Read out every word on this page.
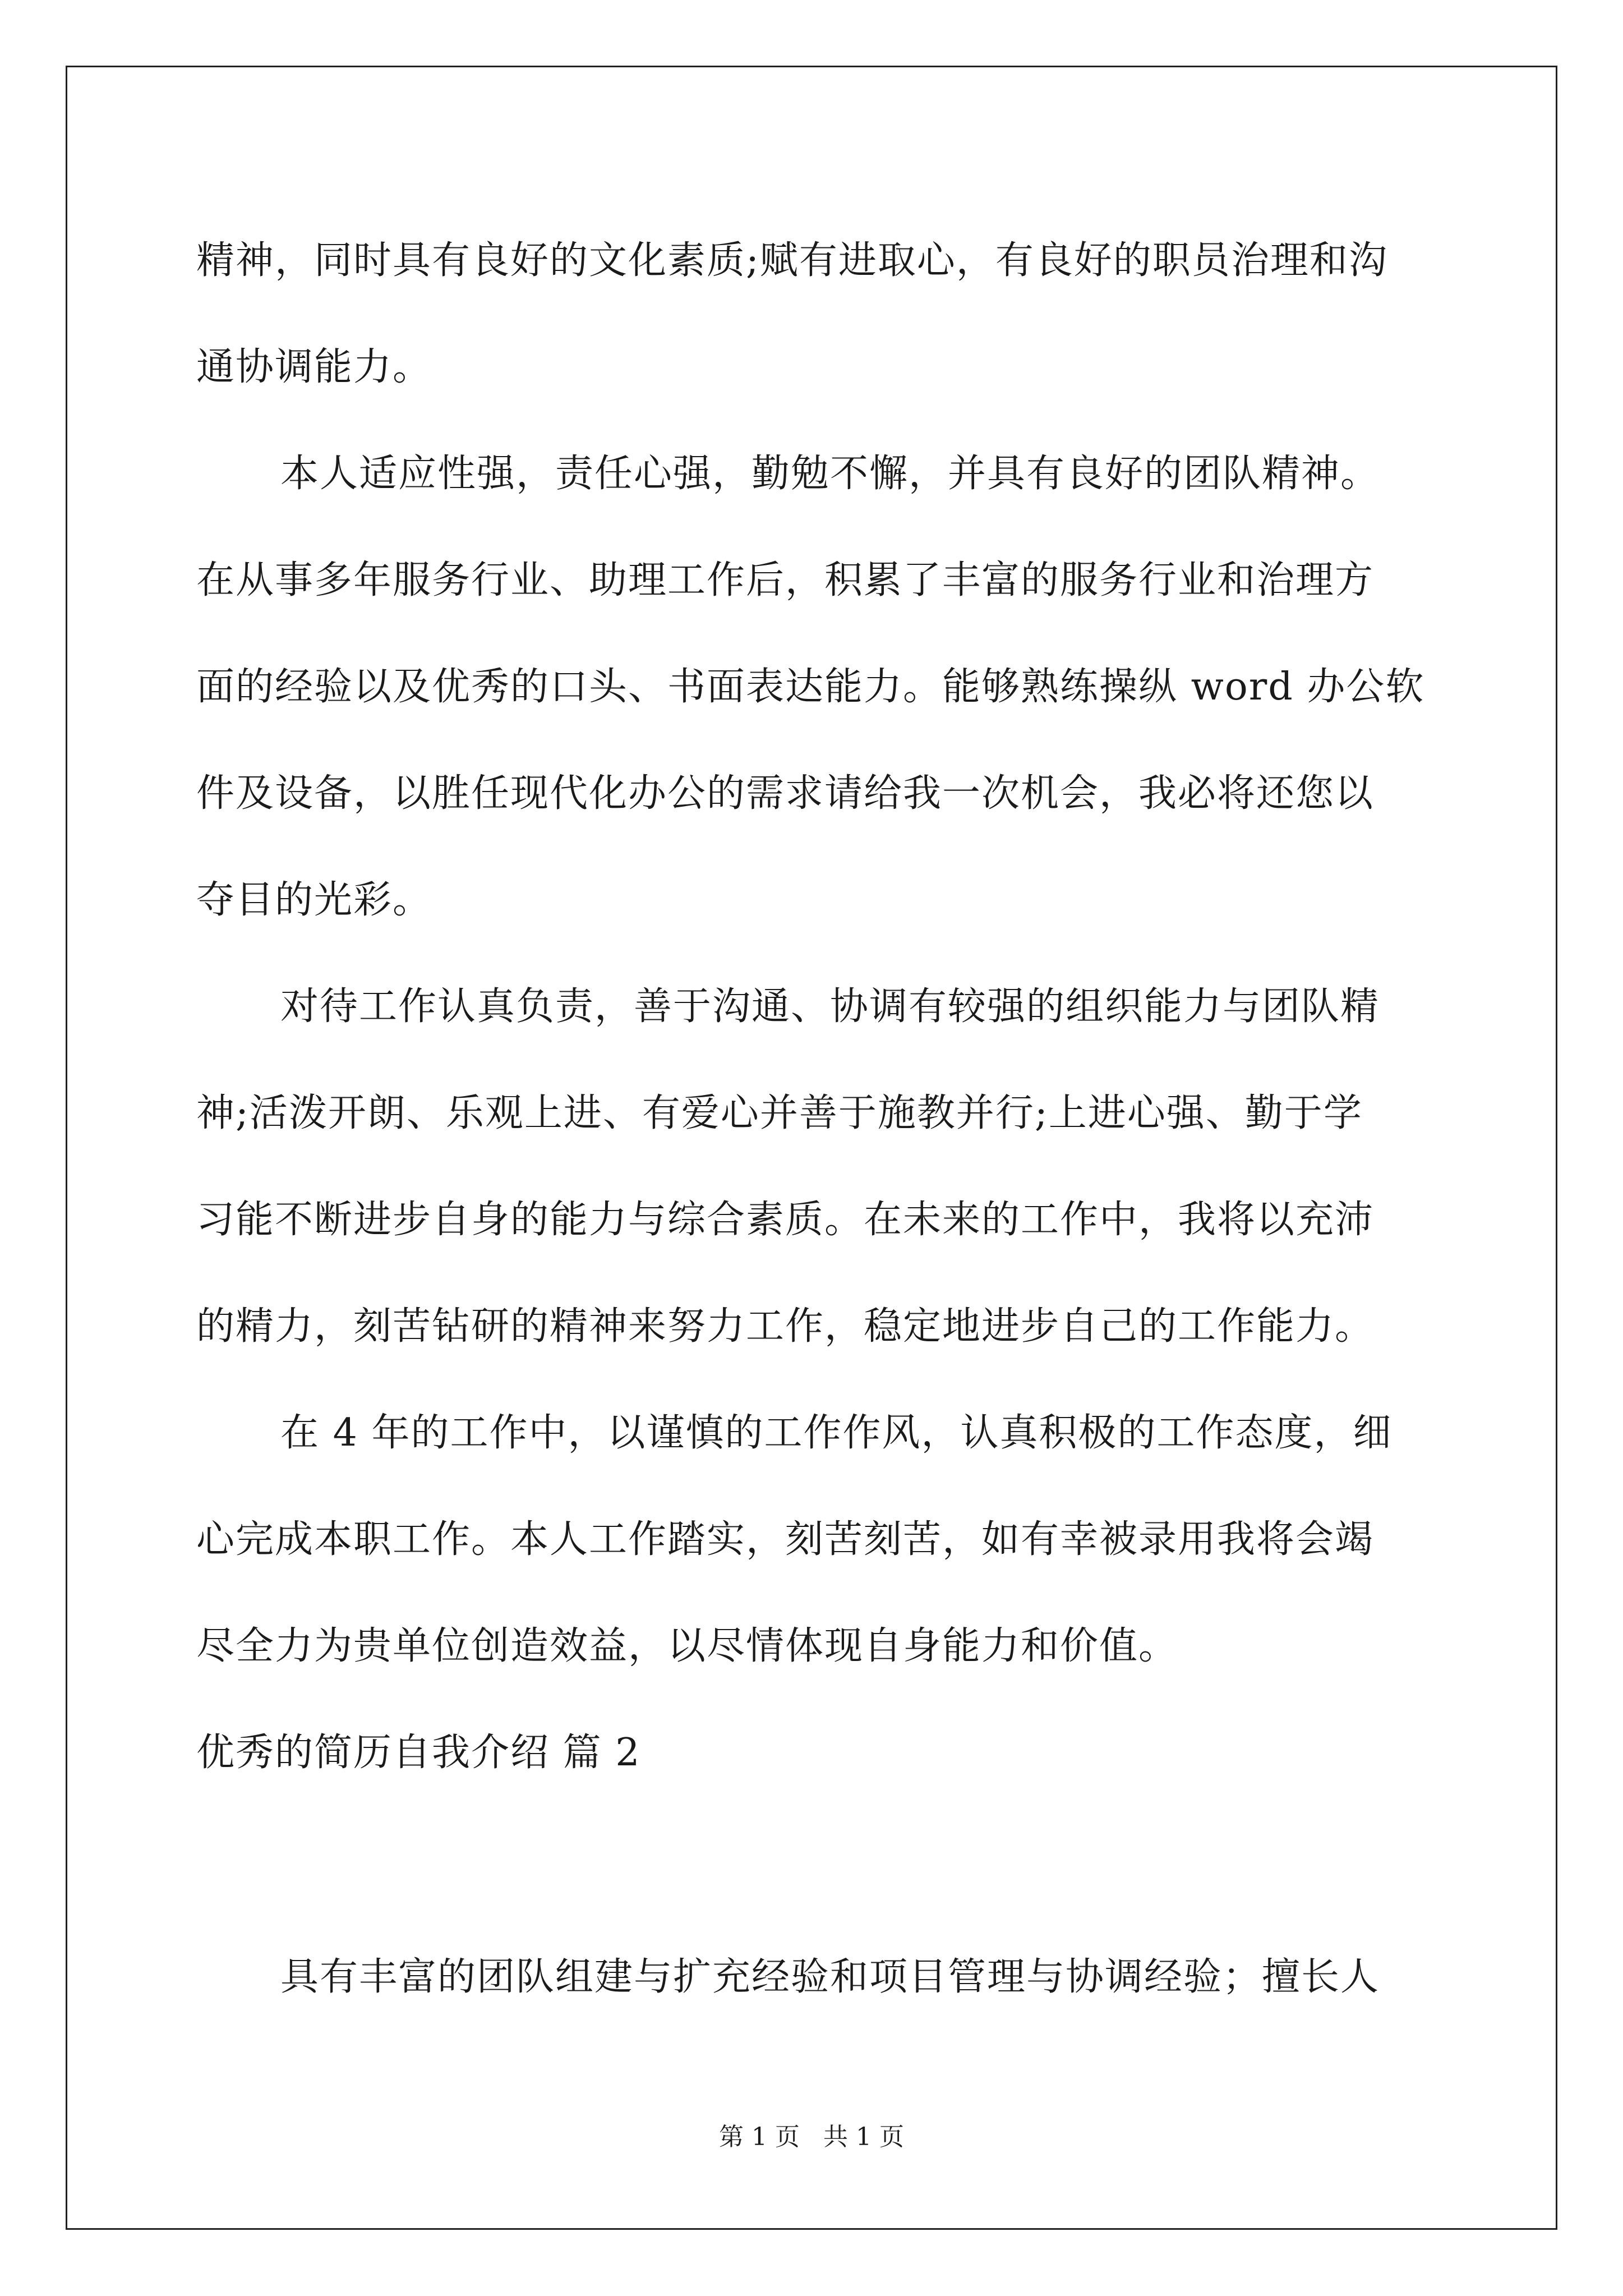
精神，同时具有良好的文化素质;赋有进取心，有良好的职员治理和沟
通协调能力。
本人适应性强，责任心强，勤勉不懈，并具有良好的团队精神。
在从事多年服务行业、助理工作后，积累了丰富的服务行业和治理方
面的经验以及优秀的口头、书面表达能力。能够熟练操纵 word 办公软
件及设备，以胜任现代化办公的需求请给我一次机会，我必将还您以
夺目的光彩。
对待工作认真负责，善于沟通、协调有较强的组织能力与团队精
神;活泼开朗、乐观上进、有爱心并善于施教并行;上进心强、勤于学
习能不断进步自身的能力与综合素质。在未来的工作中，我将以充沛
的精力，刻苦钻研的精神来努力工作，稳定地进步自己的工作能力。
在 4 年的工作中，以谨慎的工作作风，认真积极的工作态度，细
心完成本职工作。本人工作踏实，刻苦刻苦，如有幸被录用我将会竭
尽全力为贵单位创造效益，以尽情体现自身能力和价值。
优秀的简历自我介绍 篇 2
具有丰富的团队组建与扩充经验和项目管理与协调经验；擅长人
第 1 页   共 1 页
